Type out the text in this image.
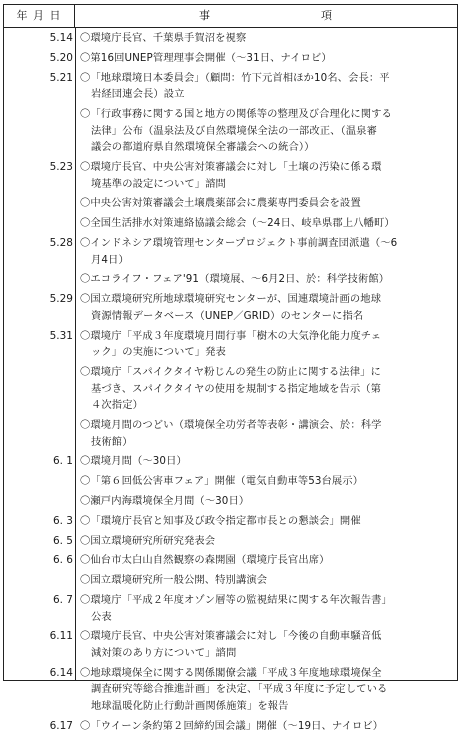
年 月 日	事	項
5.14 〇環境庁長官、千葉県手賀沼を視察
5.20 〇第16回UNEP管理理事会開催（～31日、ナイロビ）
5.21 〇「地球環境日本委員会」（顧問：竹下元首相ほか10名、会長：平
岩経団連会長）設立
〇「行政事務に関する国と地方の関係等の整理及び合理化に関する
法律」公布（温泉法及び自然環境保全法の一部改正、（温泉審
議会の都道府県自然環境保全審議会への統合））
5.23 〇環境庁長官、中央公害対策審議会に対し「土壌の汚染に係る環
境基準の設定について」諮問
〇中央公害対策審議会土壌農薬部会に農薬専門委員会を設置
〇全国生活排水対策連絡協議会総会（～24日、岐阜県郡上八幡町）
5.28 〇インドネシア環境管理センタープロジェクト事前調査団派遣（～6
月4日）
〇エコライフ・フェア'91（環境展、～6月2日、於：科学技術館）
5.29 〇国立環境研究所地球環境研究センターが、国連環境計画の地球
資源情報データベース（UNEP／GRID）のセンターに指名
5.31 〇環境庁「平成３年度環境月間行事「樹木の大気浄化能力度チェ
ック」の実施について」発表
〇環境庁「スパイクタイヤ粉じんの発生の防止に関する法律」に
基づき、スパイクタイヤの使用を規制する指定地域を告示（第
４次指定）
〇環境月間のつどい（環境保全功労者等表彰・講演会、於：科学
技術館）
6. 1 〇環境月間（～30日）
〇「第６回低公害車フェア」開催（電気自動車等53台展示）
〇瀬戸内海環境保全月間（～30日）
6. 3 〇「環境庁長官と知事及び政令指定都市長との懇談会」開催
6. 5 〇国立環境研究所研究発表会
6. 6 〇仙台市太白山自然観察の森開園（環境庁長官出席）
〇国立環境研究所一般公開、特別講演会
6. 7 〇環境庁「平成２年度オゾン層等の監視結果に関する年次報告書」
公表
6.11 〇環境庁長官、中央公害対策審議会に対し「今後の自動車騒音低
減対策のあり方について」諮問
6.14 〇地球環境保全に関する関係閣僚会議「平成３年度地球環境保全
調査研究等総合推進計画」を決定、「平成３年度に予定している
地球温暖化防止行動計画関係施策」を報告
6.17 〇「ウイーン条約第２回締約国会議」開催（～19日、ナイロビ）
